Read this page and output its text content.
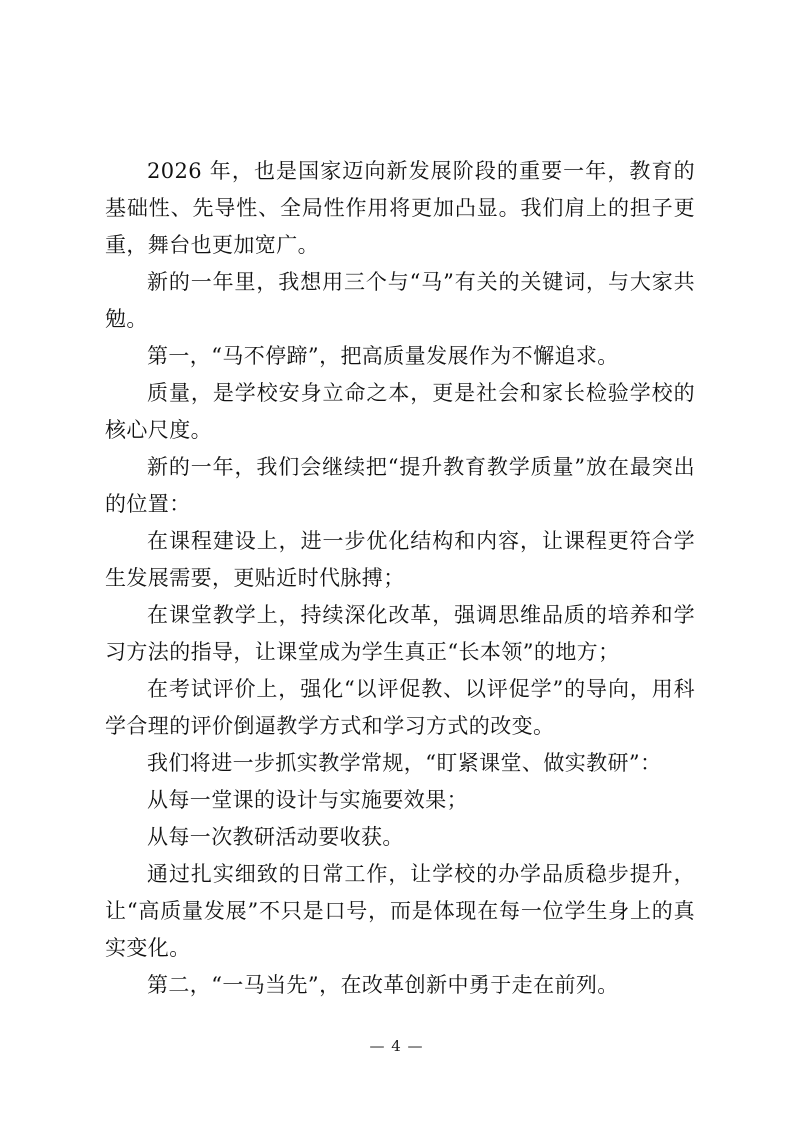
2026 年，也是国家迈向新发展阶段的重要一年，教育的基础性、先导性、全局性作用将更加凸显。我们肩上的担子更重，舞台也更加宽广。

新的一年里，我想用三个与“马”有关的关键词，与大家共勉。

第一，“马不停蹄”，把高质量发展作为不懈追求。

质量，是学校安身立命之本，更是社会和家长检验学校的核心尺度。

新的一年，我们会继续把“提升教育教学质量”放在最突出的位置：

在课程建设上，进一步优化结构和内容，让课程更符合学生发展需要，更贴近时代脉搏；

在课堂教学上，持续深化改革，强调思维品质的培养和学习方法的指导，让课堂成为学生真正“长本领”的地方；

在考试评价上，强化“以评促教、以评促学”的导向，用科学合理的评价倒逼教学方式和学习方式的改变。

我们将进一步抓实教学常规，“盯紧课堂、做实教研”：

从每一堂课的设计与实施要效果；

从每一次教研活动要收获。

通过扎实细致的日常工作，让学校的办学品质稳步提升，让“高质量发展”不只是口号，而是体现在每一位学生身上的真实变化。

第二，“一马当先”，在改革创新中勇于走在前列。

— 4 —
